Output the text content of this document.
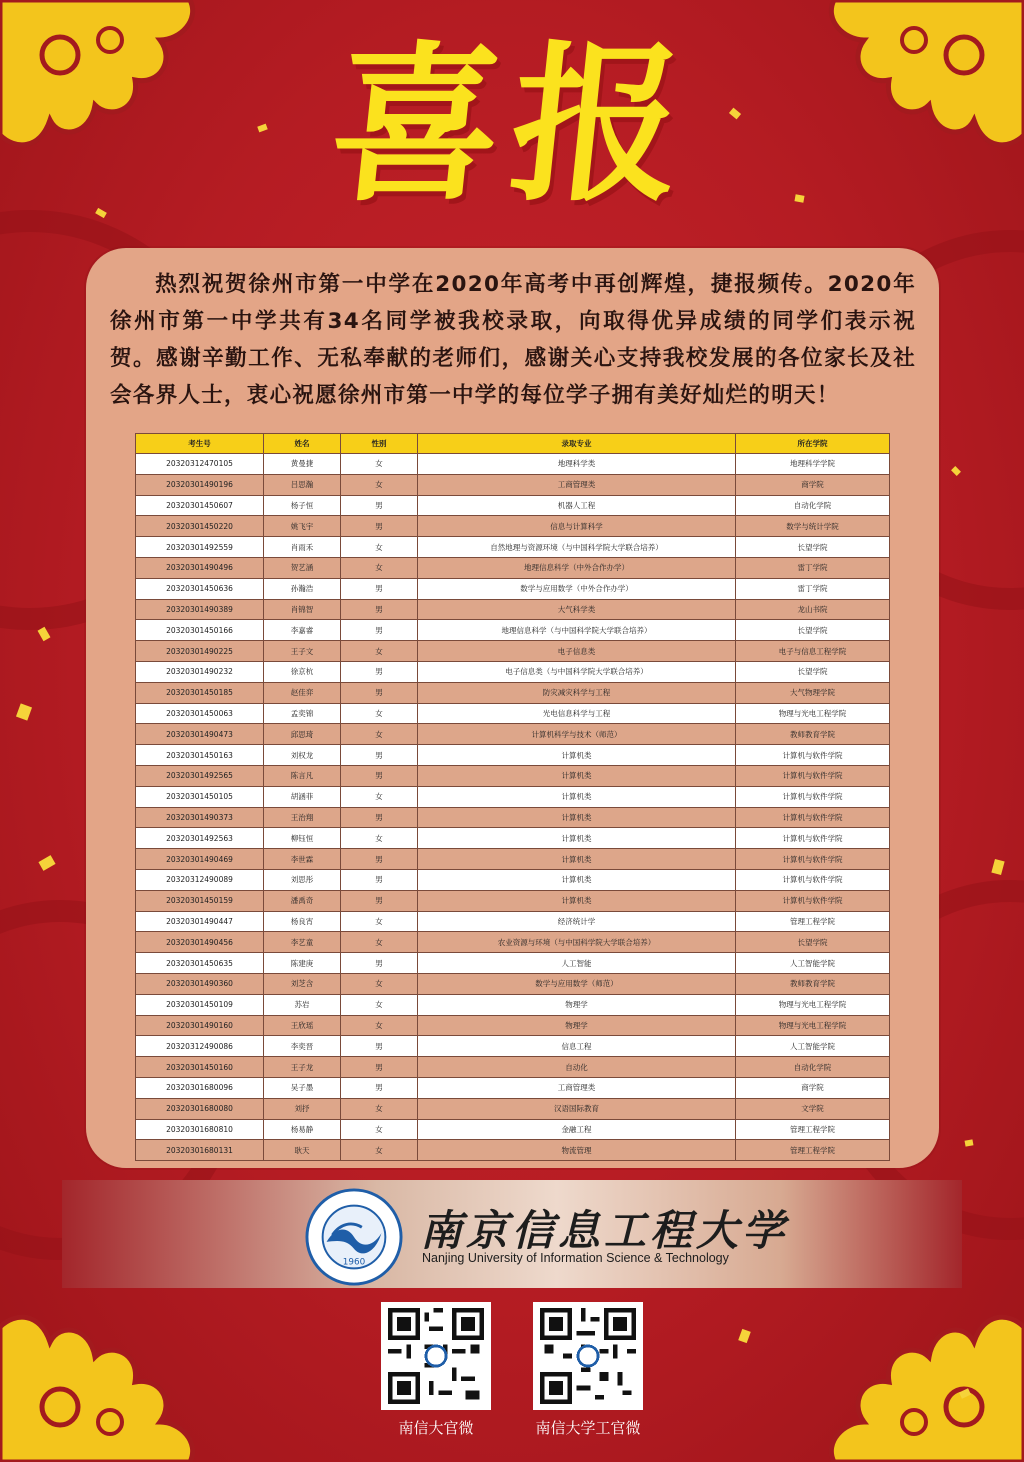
喜报

热烈祝贺徐州市第一中学在2020年高考中再创辉煌，捷报频传。2020年徐州市第一中学共有34名同学被我校录取，向取得优异成绩的同学们表示祝贺。感谢辛勤工作、无私奉献的老师们，感谢关心支持我校发展的各位家长及社会各界人士，衷心祝愿徐州市第一中学的每位学子拥有美好灿烂的明天！

考生号	姓名	性别	录取专业	所在学院
20320312470105	黄曼捷	女	地理科学类	地理科学学院
20320301490196	吕思瀚	女	工商管理类	商学院
20320301450607	杨子恒	男	机器人工程	自动化学院
20320301450220	姚飞宇	男	信息与计算科学	数学与统计学院
20320301492559	肖雨禾	女	自然地理与资源环境（与中国科学院大学联合培养）	长望学院
20320301490496	贺艺涵	女	地理信息科学（中外合作办学）	雷丁学院
20320301450636	孙瀚浩	男	数学与应用数学（中外合作办学）	雷丁学院
20320301490389	肖锦智	男	大气科学类	龙山书院
20320301450166	李嘉睿	男	地理信息科学（与中国科学院大学联合培养）	长望学院
20320301490225	王子文	女	电子信息类	电子与信息工程学院
20320301490232	徐京杭	男	电子信息类（与中国科学院大学联合培养）	长望学院
20320301450185	赵佳弈	男	防灾减灾科学与工程	大气物理学院
20320301450063	孟奕锦	女	光电信息科学与工程	物理与光电工程学院
20320301490473	邱思琦	女	计算机科学与技术（师范）	教师教育学院
20320301450163	刘权龙	男	计算机类	计算机与软件学院
20320301492565	陈言凡	男	计算机类	计算机与软件学院
20320301450105	胡涵菲	女	计算机类	计算机与软件学院
20320301490373	王治翔	男	计算机类	计算机与软件学院
20320301492563	柳钰恒	女	计算机类	计算机与软件学院
20320301490469	李世霖	男	计算机类	计算机与软件学院
20320312490089	刘思彤	男	计算机类	计算机与软件学院
20320301450159	潘禹奇	男	计算机类	计算机与软件学院
20320301490447	杨良宵	女	经济统计学	管理工程学院
20320301490456	李艺童	女	农业资源与环境（与中国科学院大学联合培养）	长望学院
20320301450635	陈建庚	男	人工智能	人工智能学院
20320301490360	刘芝含	女	数学与应用数学（师范）	教师教育学院
20320301450109	苏岩	女	物理学	物理与光电工程学院
20320301490160	王欣瑶	女	物理学	物理与光电工程学院
20320312490086	李奕晋	男	信息工程	人工智能学院
20320301450160	王子龙	男	自动化	自动化学院
20320301680096	吴子墨	男	工商管理类	商学院
20320301680080	刘抒	女	汉语国际教育	文学院
20320301680810	杨易静	女	金融工程	管理工程学院
20320301680131	耿天	女	物流管理	管理工程学院
1960
南京信息工程大学
Nanjing University of Information Science & Technology
南信大官微	南信大学工官微
